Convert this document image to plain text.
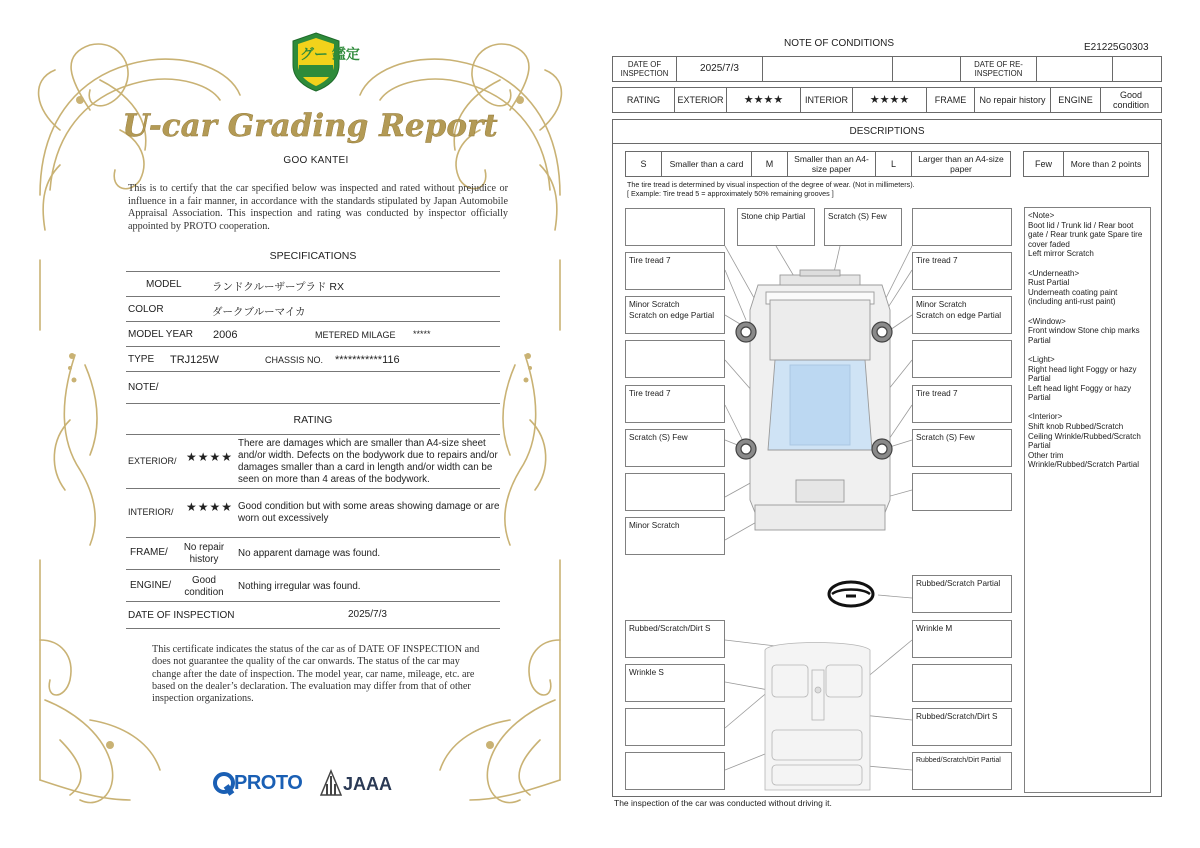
グー 鑑定
U-car Grading Report
GOO KANTEI
This is to certify that the car specified below was inspected and rated without prejudice or influence in a fair manner, in accordance with the standards stipulated by Japan Automobile Appraisal Association. This inspection and rating was conducted by inspector officially appointed by PROTO cooperation.
SPECIFICATIONS
MODEL	ランドクルーザープラド RX
COLOR	ダークブルーマイカ
MODEL YEAR 2006	METERED MILAGE *****
TYPE TRJ125W	CHASSIS NO. ***********116
NOTE/
RATING
EXTERIOR/ ★★★★
There are damages which are smaller than A4-size sheet and/or width. Defects on the bodywork due to repairs and/or damages smaller than a card in length and/or width can be seen on more than 4 areas of the bodywork.
INTERIOR/ ★★★★ Good condition but with some areas showing damage or are worn out excessively
FRAME/	No repair history	No apparent damage was found.
ENGINE/	Good condition	Nothing irregular was found.
DATE OF INSPECTION	2025/7/3
This certificate indicates the status of the car as of DATE OF INSPECTION and does not guarantee the quality of the car onwards. The status of the car may change after the date of inspection. The model year, car name, mileage, etc. are based on the dealer’s declaration. The evaluation may differ from that of other inspection organizations.
PROTO JAAA
NOTE OF CONDITIONS	E21225G0303
DATE OF INSPECTION	2025/7/3	DATE OF RE-INSPECTION
RATING	EXTERIOR	★★★★	INTERIOR	★★★★	FRAME	No repair history	ENGINE	Good condition
DESCRIPTIONS
S	Smaller than a card	M	Smaller than an A4-size paper	L	Larger than an A4-size paper	Few	More than 2 points
The tire tread is determined by visual inspection of the degree of wear. (Not in millimeters).
[ Example: Tire tread 5 = approximately 50% remaining grooves ]
Stone chip Partial	Scratch (S) Few
Tire tread 7	Tire tread 7
Minor Scratch
Scratch on edge Partial
Minor Scratch
Scratch on edge Partial
Tire tread 7	Tire tread 7
Scratch (S) Few	Scratch (S) Few
Minor Scratch
Rubbed/Scratch Partial
Rubbed/Scratch/Dirt S	Wrinkle M
Wrinkle S
Rubbed/Scratch/Dirt S
Rubbed/Scratch/Dirt Partial
<Note>
Boot lid / Trunk lid / Rear boot gate / Rear trunk gate Spare tire cover faded
Left mirror Scratch
<Underneath>
Rust Partial
Underneath coating paint (including anti-rust paint)
<Window>
Front window Stone chip marks Partial
<Light>
Right head light Foggy or hazy Partial
Left head light Foggy or hazy Partial
<Interior>
Shift knob Rubbed/Scratch
Ceiling Wrinkle/Rubbed/Scratch Partial
Other trim Wrinkle/Rubbed/Scratch Partial
The inspection of the car was conducted without driving it.
